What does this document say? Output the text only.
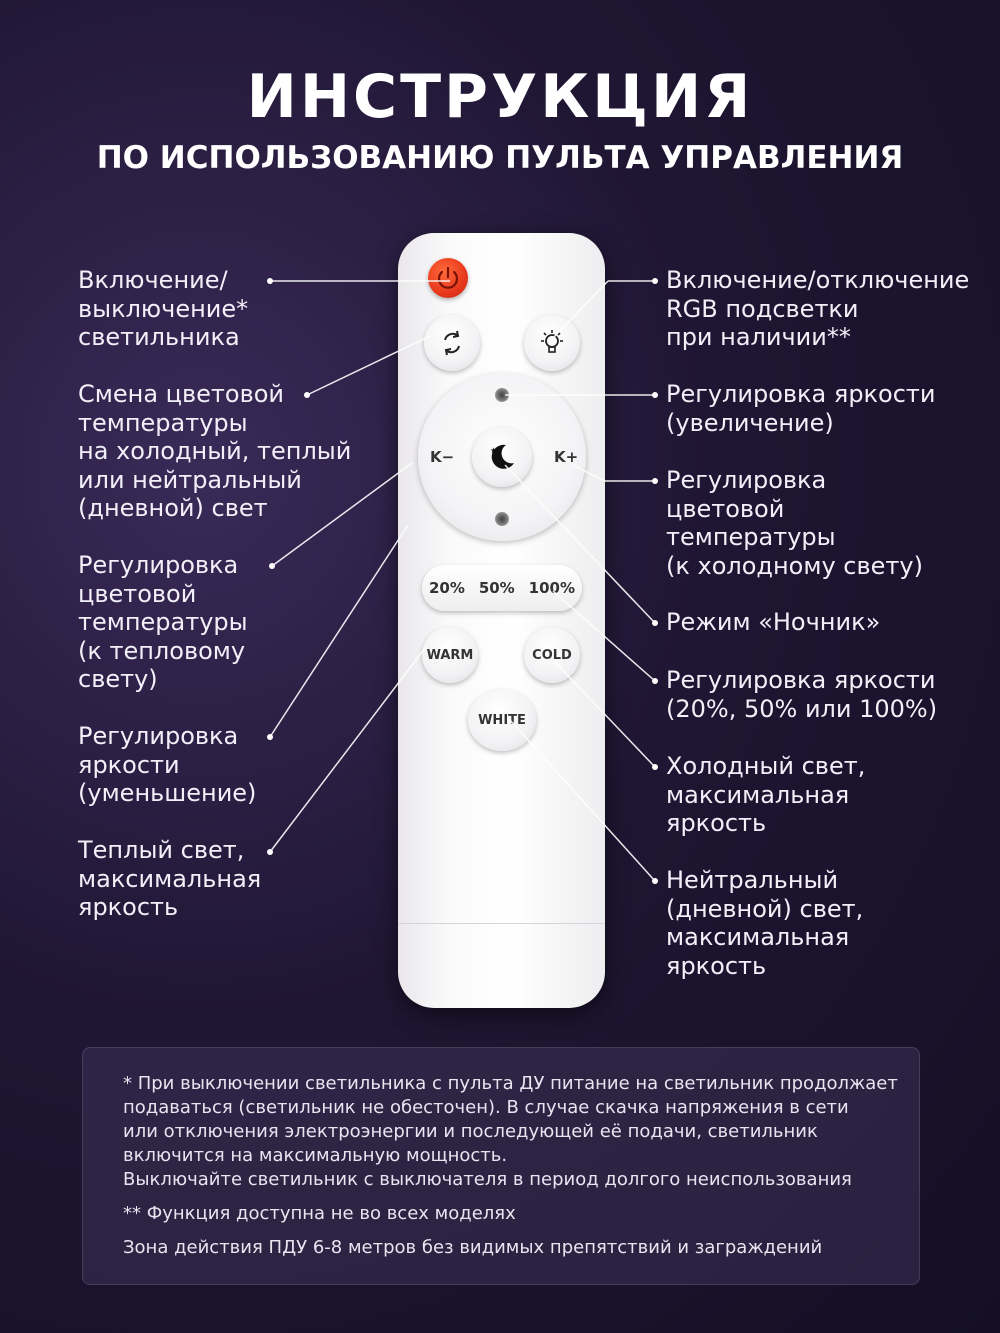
ИНСТРУКЦИЯ
ПО ИСПОЛЬЗОВАНИЮ ПУЛЬТА УПРАВЛЕНИЯ
Включение/
выключение*
светильника
Смена цветовой
температуры
на холодный, теплый
или нейтральный
(дневной) свет
Регулировка
цветовой
температуры
(к тепловому
свету)
Регулировка
яркости
(уменьшение)
Теплый свет,
максимальная
яркость
Включение/отключение
RGB подсветки
при наличии**
Регулировка яркости
(увеличение)
Регулировка
цветовой
температуры
(к холодному свету)
Режим «Ночник»
Регулировка яркости
(20%, 50% или 100%)
Холодный свет,
максимальная
яркость
Нейтральный
(дневной) свет,
максимальная
яркость
K−	K+
★
★
20% 50% 100%
WARM	COLD
WHITE

* При выключении светильника с пульта ДУ питание на светильник продолжает
подаваться (светильник не обесточен). В случае скачка напряжения в сети
или отключения электроэнергии и последующей её подачи, светильник
включится на максимальную мощность.
Выключайте светильник с выключателя в период долгого неиспользования

** Функция доступна не во всех моделях

Зона действия ПДУ 6-8 метров без видимых препятствий и заграждений
